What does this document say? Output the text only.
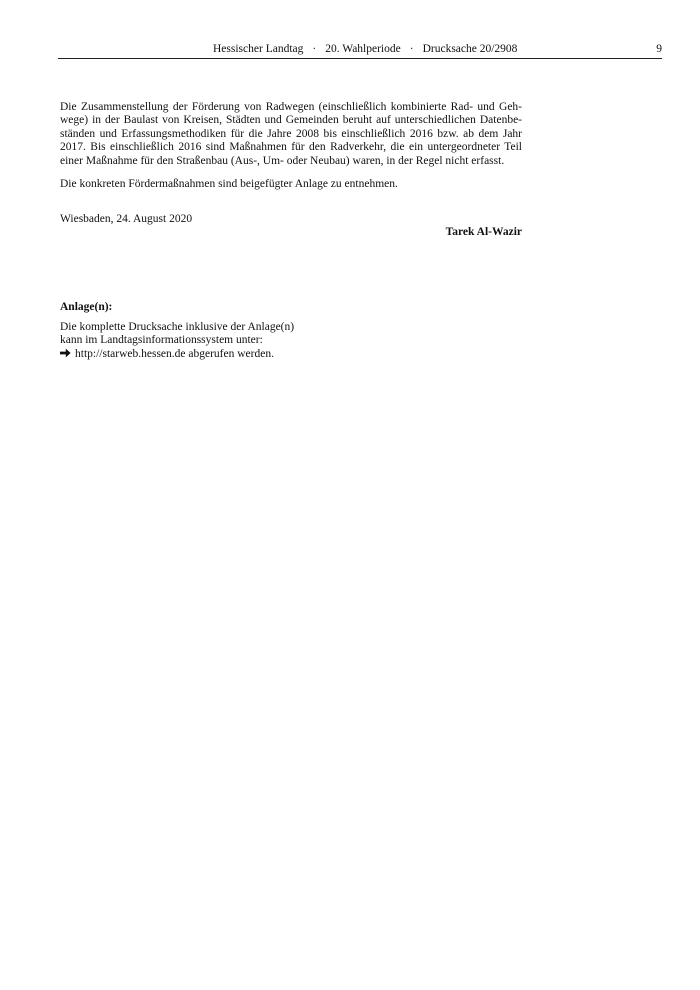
Hessischer Landtag · 20. Wahlperiode · Drucksache 20/2908	9

Die Zusammenstellung der Förderung von Radwegen (einschließlich kombinierte Rad- und Geh- wege) in der Baulast von Kreisen, Städten und Gemeinden beruht auf unterschiedlichen Datenbe- ständen und Erfassungsmethodiken für die Jahre 2008 bis einschließlich 2016 bzw. ab dem Jahr 2017. Bis einschließlich 2016 sind Maßnahmen für den Radverkehr, die ein untergeordneter Teil einer Maßnahme für den Straßenbau (Aus-, Um- oder Neubau) waren, in der Regel nicht erfasst.

Die konkreten Fördermaßnahmen sind beigefügter Anlage zu entnehmen.

Wiesbaden, 24. August 2020

Tarek Al-Wazir
Anlage(n):

Die komplette Drucksache inklusive der Anlage(n)
kann im Landtagsinformationssystem unter:
http://starweb.hessen.de abgerufen werden.
